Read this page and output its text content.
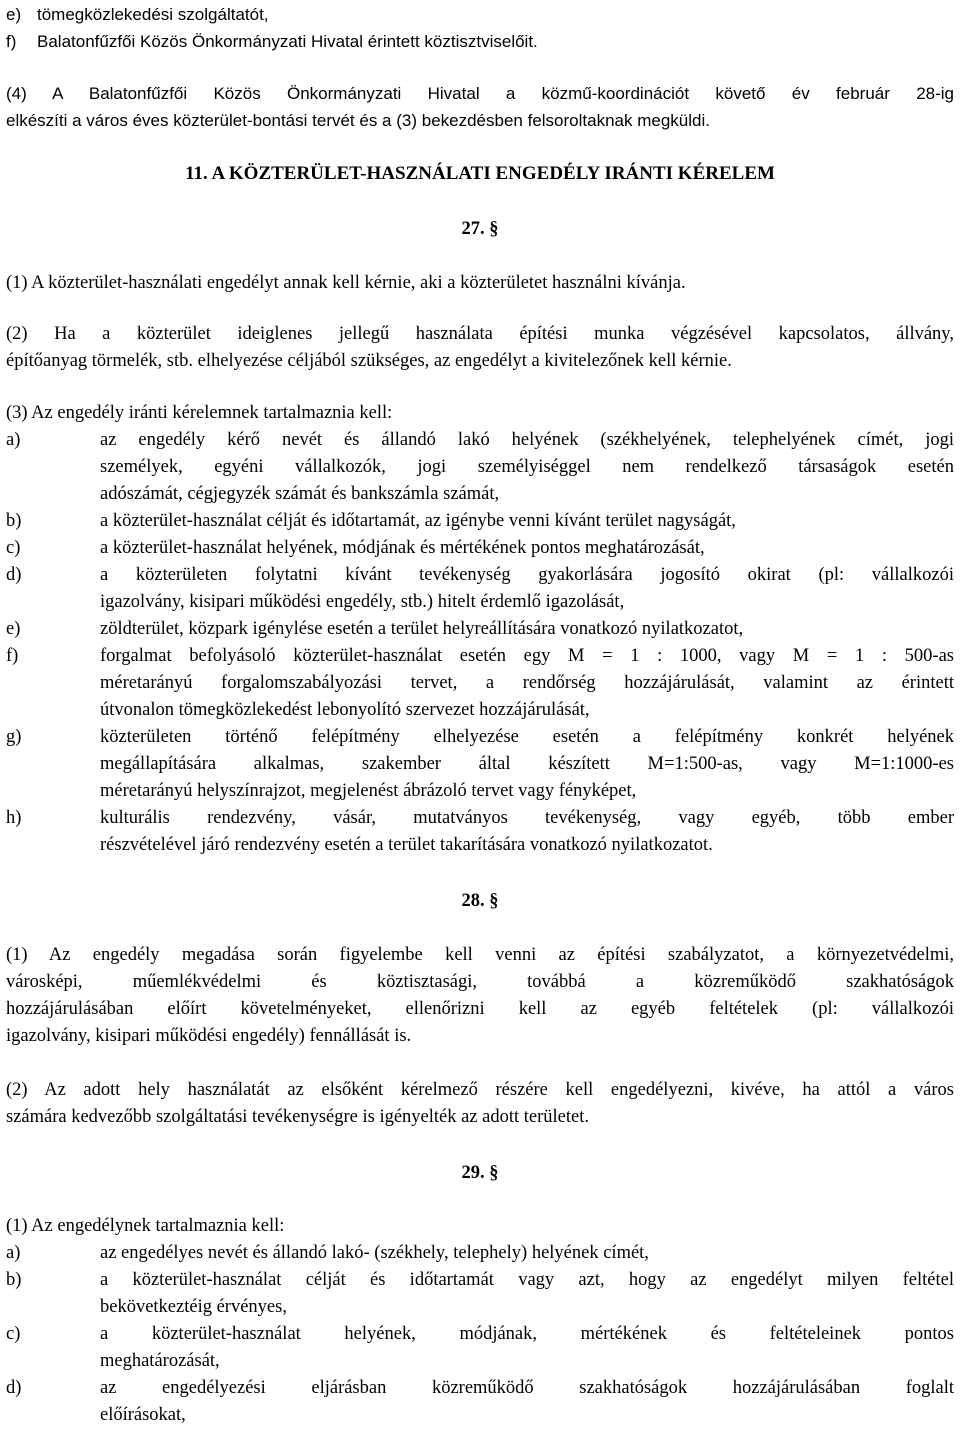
e) tömegközlekedési szolgáltatót,
f)	Balatonfűzfői Közös Önkormányzati Hivatal érintett köztisztviselőit.
(4) A Balatonfűzfői Közös Önkormányzati Hivatal a közmű-koordinációt követő év február 28-ig
elkészíti a város éves közterület-bontási tervét és a (3) bekezdésben felsoroltaknak megküldi.
11. A KÖZTERÜLET-HASZNÁLATI ENGEDÉLY IRÁNTI KÉRELEM
27. §
(1) A közterület-használati engedélyt annak kell kérnie, aki a közterületet használni kívánja.
(2) Ha a közterület ideiglenes jellegű használata építési munka végzésével kapcsolatos, állvány,
építőanyag törmelék, stb. elhelyezése céljából szükséges, az engedélyt a kivitelezőnek kell kérnie.
(3) Az engedély iránti kérelemnek tartalmaznia kell:
a)	az engedély kérő nevét és állandó lakó helyének (székhelyének, telephelyének címét, jogi
személyek, egyéni vállalkozók, jogi személyiséggel nem rendelkező társaságok esetén
adószámát, cégjegyzék számát és bankszámla számát,
b)	a közterület-használat célját és időtartamát, az igénybe venni kívánt terület nagyságát,
c)	a közterület-használat helyének, módjának és mértékének pontos meghatározását,
d)	a közterületen folytatni kívánt tevékenység gyakorlására jogosító okirat (pl: vállalkozói
igazolvány, kisipari működési engedély, stb.) hitelt érdemlő igazolását,
e)	zöldterület, közpark igénylése esetén a terület helyreállítására vonatkozó nyilatkozatot,
f)	forgalmat befolyásoló közterület-használat esetén egy M = 1 : 1000, vagy M = 1 : 500-as
méretarányú forgalomszabályozási tervet, a rendőrség hozzájárulását, valamint az érintett
útvonalon tömegközlekedést lebonyolító szervezet hozzájárulását,
g)	közterületen történő felépítmény elhelyezése esetén a felépítmény konkrét helyének
megállapítására alkalmas, szakember által készített M=1:500-as, vagy M=1:1000-es
méretarányú helyszínrajzot, megjelenést ábrázoló tervet vagy fényképet,
h)	kulturális rendezvény, vásár, mutatványos tevékenység, vagy egyéb, több ember
részvételével járó rendezvény esetén a terület takarítására vonatkozó nyilatkozatot.
28. §
(1) Az engedély megadása során figyelembe kell venni az építési szabályzatot, a környezetvédelmi,
városképi, műemlékvédelmi és köztisztasági, továbbá a közreműködő szakhatóságok
hozzájárulásában előírt követelményeket, ellenőrizni kell az egyéb feltételek (pl: vállalkozói
igazolvány, kisipari működési engedély) fennállását is.
(2) Az adott hely használatát az elsőként kérelmező részére kell engedélyezni, kivéve, ha attól a város
számára kedvezőbb szolgáltatási tevékenységre is igényelték az adott területet.
29. §
(1) Az engedélynek tartalmaznia kell:
a)	az engedélyes nevét és állandó lakó- (székhely, telephely) helyének címét,
b)	a közterület-használat célját és időtartamát vagy azt, hogy az engedélyt milyen feltétel
bekövetkeztéig érvényes,
c)	a közterület-használat helyének, módjának, mértékének és feltételeinek pontos
meghatározását,
d)	az engedélyezési eljárásban közreműködő szakhatóságok hozzájárulásában foglalt
előírásokat,
